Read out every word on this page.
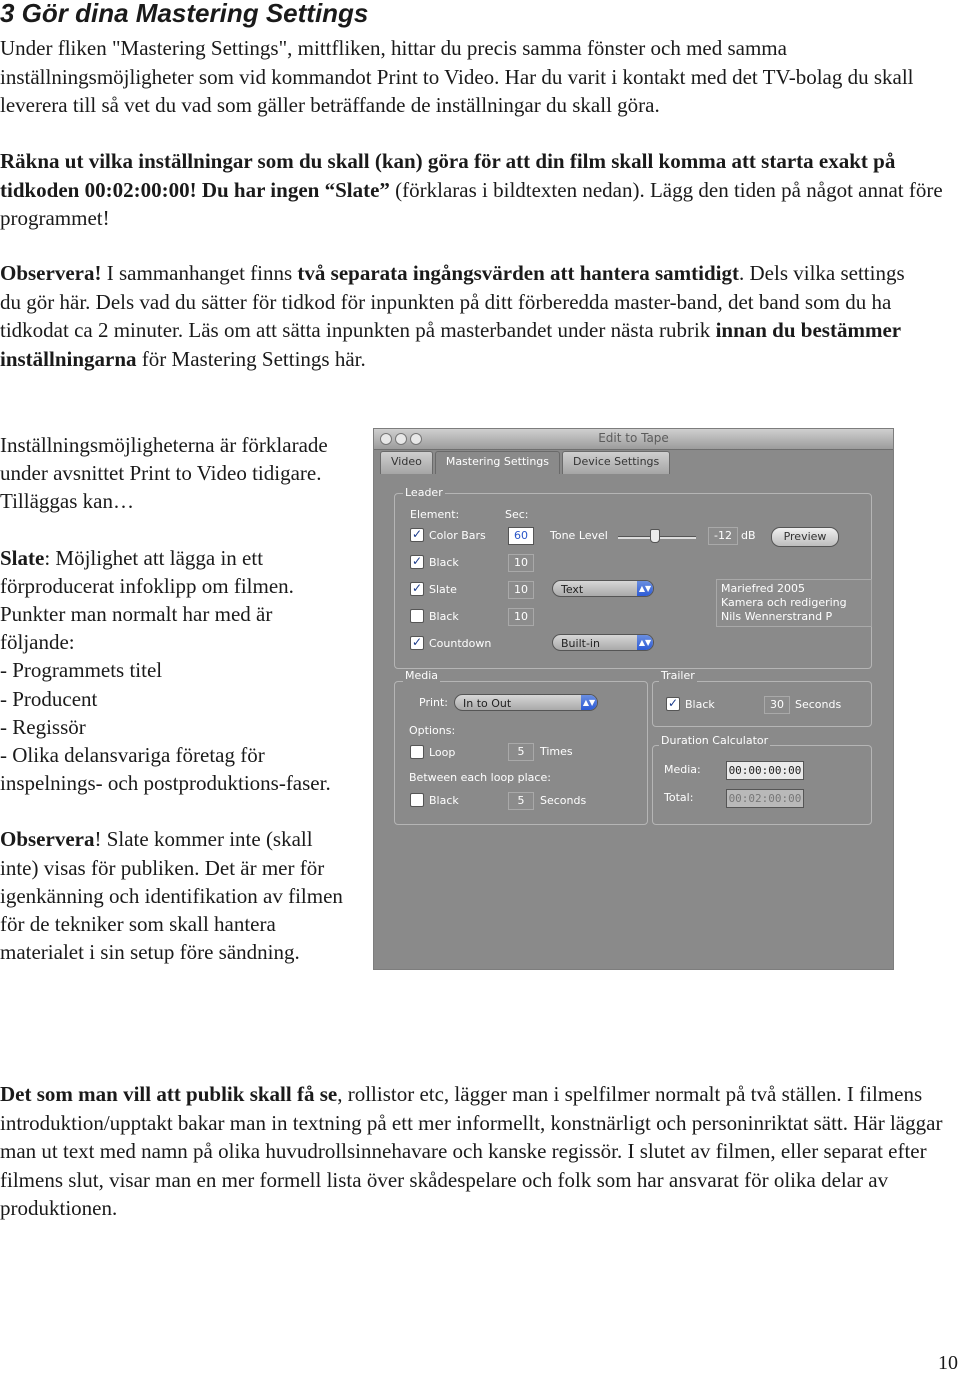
3 Gör dina Mastering Settings

Under fliken "Mastering Settings", mittfliken, hittar du precis samma fönster och med samma inställningsmöjligheter som vid kommandot Print to Video. Har du varit i kontakt med det TV-bolag du skall leverera till så vet du vad som gäller beträffande de inställningar du skall göra.

Räkna ut vilka inställningar som du skall (kan) göra för att din film skall komma att starta exakt på tidkoden 00:02:00:00! Du har ingen “Slate” (förklaras i bildtexten nedan). Lägg den tiden på något annat före programmet!

Observera! I sammanhanget finns två separata ingångsvärden att hantera samtidigt. Dels vilka settings du gör här. Dels vad du sätter för tidkod för inpunkten på ditt förberedda master-band, det band som du ha tidkodat ca 2 minuter. Läs om att sätta inpunkten på masterbandet under nästa rubrik innan du bestämmer inställningarna för Mastering Settings här.

Inställningsmöjligheterna är förklarade under avsnittet Print to Video tidigare. Tilläggas kan…

Slate: Möjlighet att lägga in ett förproducerat infoklipp om filmen. Punkter man normalt har med är följande:

- Programmets titel

- Producent

- Regissör

- Olika delansvariga företag för inspelnings- och postproduktions-faser.

Observera! Slate kommer inte (skall inte) visas för publiken. Det är mer för igenkänning och identifikation av filmen för de tekniker som skall hantera materialet i sin setup före sändning.

Edit to Tape
Video	Mastering Settings	Device Settings
Leader
Element:	Sec:
✓ Color Bars	60	Tone Level	-12 dB	Preview
✓ Black	10
✓ Slate	10	Text	▲▼	Mariefred 2005
Kamera och redigering
Nils Wennerstrand P
Black	10
✓ Countdown	Built-in	▲▼
Media
Print:	In to Out	▲▼
Options:
Loop	5	Times
Between each loop place:
Black	5	Seconds
Trailer
✓ Black	30	Seconds
Duration Calculator
Media:	00:00:00:00
Total:	00:02:00:00

Det som man vill att publik skall få se, rollistor etc, lägger man i spelfilmer normalt på två ställen. I filmens introduktion/upptakt bakar man in textning på ett mer informellt, konstnärligt och personinriktat sätt. Här läggar man ut text med namn på olika huvudrollsinnehavare och kanske regissör. I slutet av filmen, eller separat efter filmens slut, visar man en mer formell lista över skådespelare och folk som har ansvarat för olika delar av produktionen.

10
